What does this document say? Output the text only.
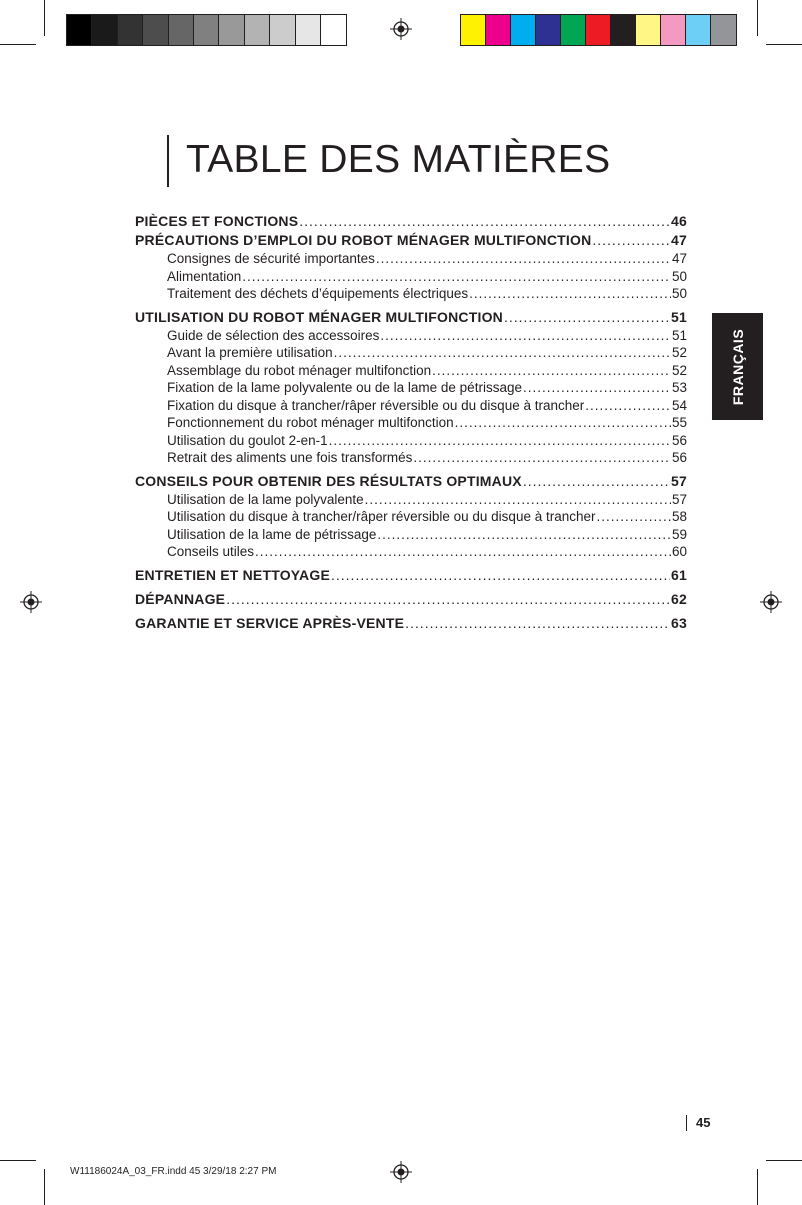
TABLE DES MATIÈRES
PIÈCES ET FONCTIONS .....	46
PRÉCAUTIONS D’EMPLOI DU ROBOT MÉNAGER MULTIFONCTION .....	47
Consignes de sécurité importantes .....	47
Alimentation .....	50
Traitement des déchets d’équipements électriques .....	50
UTILISATION DU ROBOT MÉNAGER MULTIFONCTION .....	51
Guide de sélection des accessoires .....	51
Avant la première utilisation .....	52
Assemblage du robot ménager multifonction .....	52
Fixation de la lame polyvalente ou de la lame de pétrissage .....	53
Fixation du disque à trancher/râper réversible ou du disque à trancher .....	54
Fonctionnement du robot ménager multifonction .....	55
Utilisation du goulot 2-en-1 .....	56
Retrait des aliments une fois transformés .....	56
CONSEILS POUR OBTENIR DES RÉSULTATS OPTIMAUX .....	57
Utilisation de la lame polyvalente .....	57
Utilisation du disque à trancher/râper réversible ou du disque à trancher .....	58
Utilisation de la lame de pétrissage .....	59
Conseils utiles .....	60
ENTRETIEN ET NETTOYAGE .....	61
DÉPANNAGE .....	62
GARANTIE ET SERVICE APRÈS-VENTE .....	63
FRANÇAIS
45
W11186024A_03_FR.indd 45 3/29/18 2:27 PM
